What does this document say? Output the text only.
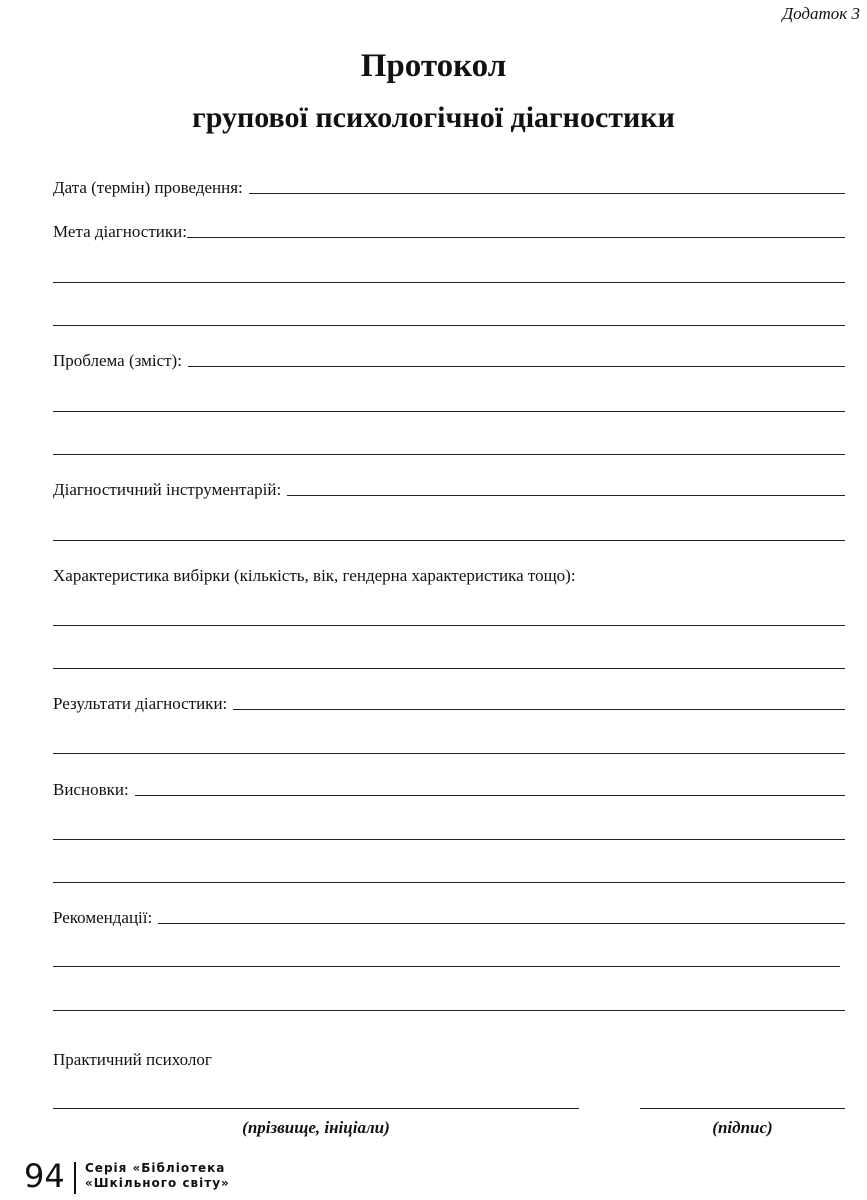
Додаток 3
Протокол
групової психологічної діагностики
Дата (термін) проведення:
Мета діагностики:
Проблема (зміст):
Діагностичний інструментарій:
Характеристика вибірки (кількість, вік, гендерна характеристика тощо):
Результати діагностики:
Висновки:
Рекомендації:
Практичний психолог
(прізвище, ініціали)	(підпис)
94 Серія «Бібліотека
«Шкільного світу»
